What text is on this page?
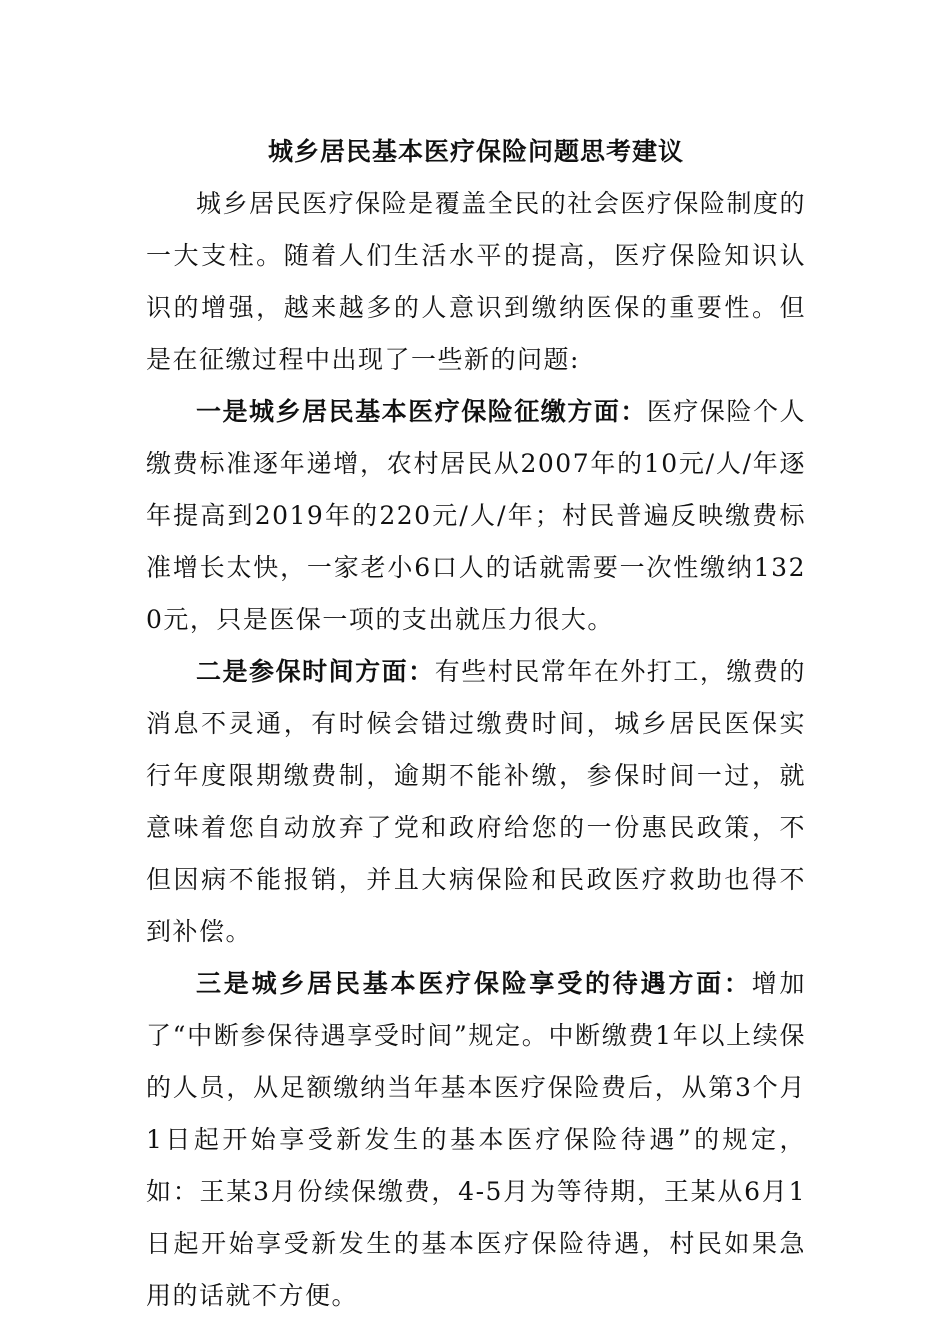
城乡居民基本医疗保险问题思考建议

城乡居民医疗保险是覆盖全民的社会医疗保险制度的一大支柱。随着人们生活水平的提高，医疗保险知识认识的增强，越来越多的人意识到缴纳医保的重要性。但是在征缴过程中出现了一些新的问题:

一是城乡居民基本医疗保险征缴方面：医疗保险个人缴费标准逐年递增，农村居民从2007年的10元/人/年逐年提高到2019年的220元/人/年；村民普遍反映缴费标准增长太快，一家老小6口人的话就需要一次性缴纳1320元，只是医保一项的支出就压力很大。

二是参保时间方面：有些村民常年在外打工，缴费的消息不灵通，有时候会错过缴费时间，城乡居民医保实行年度限期缴费制，逾期不能补缴，参保时间一过，就意味着您自动放弃了党和政府给您的一份惠民政策，不但因病不能报销，并且大病保险和民政医疗救助也得不到补偿。

三是城乡居民基本医疗保险享受的待遇方面：增加了“中断参保待遇享受时间”规定。中断缴费1年以上续保的人员，从足额缴纳当年基本医疗保险费后，从第3个月1日起开始享受新发生的基本医疗保险待遇”的规定，如：王某3月份续保缴费，4-5月为等待期，王某从6月1日起开始享受新发生的基本医疗保险待遇，村民如果急用的话就不方便。
